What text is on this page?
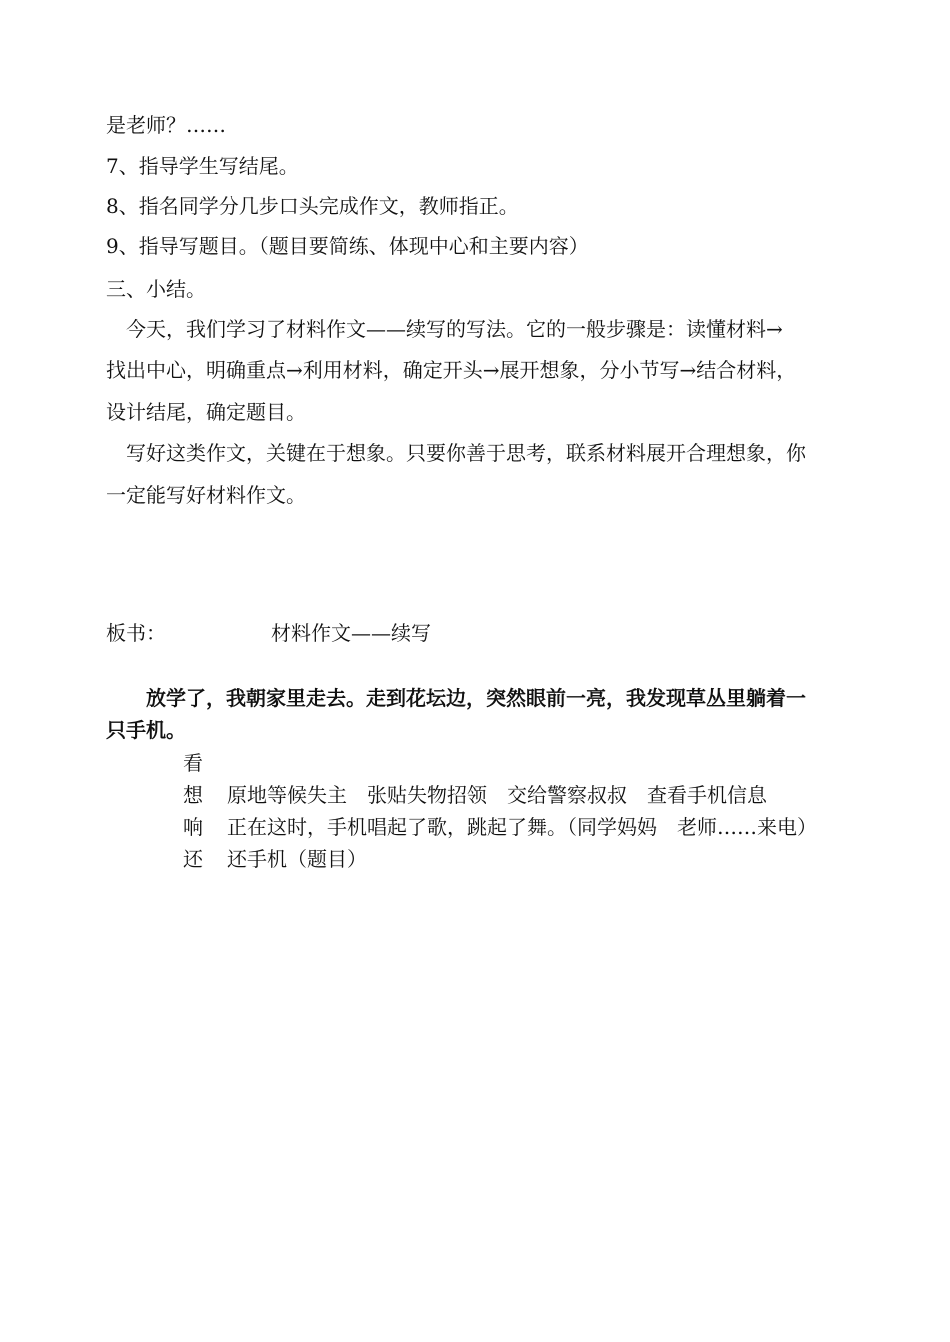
是老师？……
7、指导学生写结尾。
8、指名同学分几步口头完成作文，教师指正。
9、指导写题目。（题目要简练、体现中心和主要内容）
三、小结。
　今天，我们学习了材料作文——续写的写法。它的一般步骤是：读懂材料→
找出中心，明确重点→利用材料，确定开头→展开想象，分小节写→结合材料，
设计结尾，确定题目。
　写好这类作文，关键在于想象。只要你善于思考，联系材料展开合理想象，你
一定能写好材料作文。
板书：	材料作文——续写
　　放学了，我朝家里走去。走到花坛边，突然眼前一亮，我发现草丛里躺着一
只手机。
看
想 原地等候失主　张贴失物招领　交给警察叔叔　查看手机信息
响 正在这时，手机唱起了歌，跳起了舞。（同学妈妈　老师……来电）
还 还手机（题目）
